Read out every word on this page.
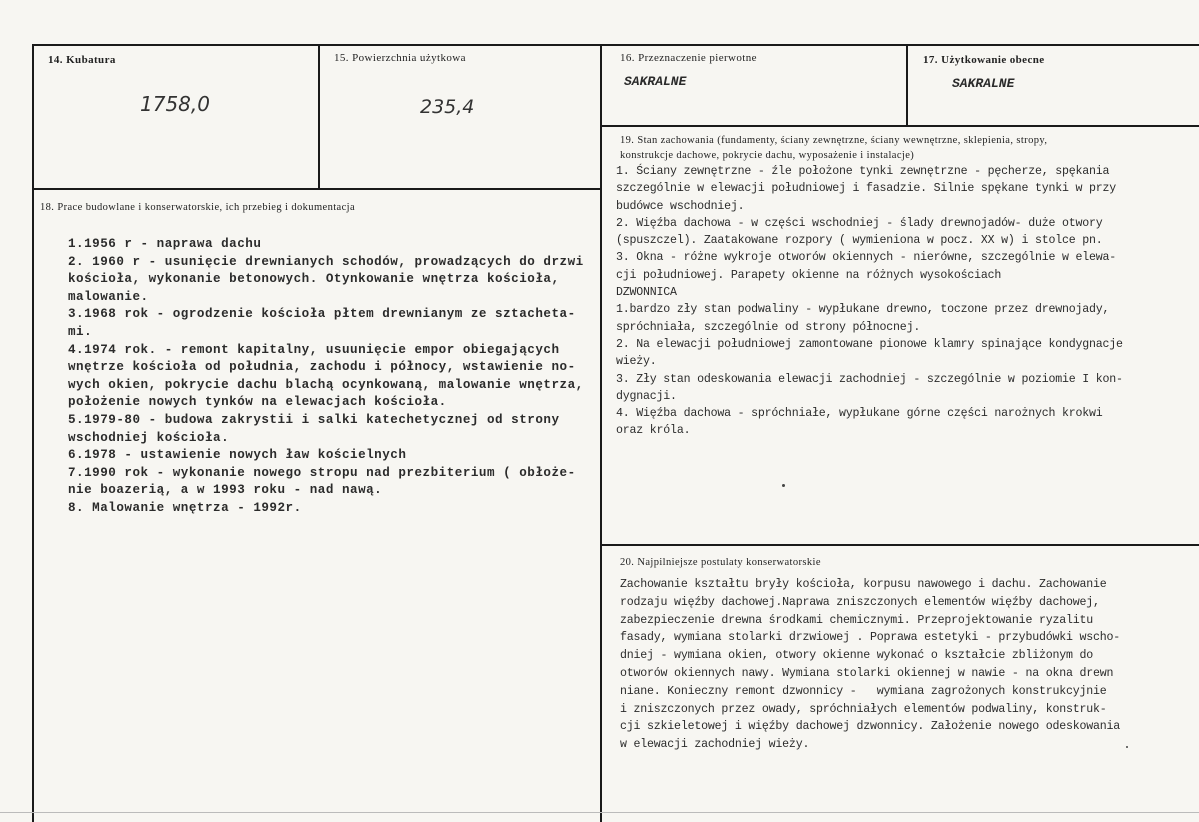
14. Kubatura
1758,0
15. Powierzchnia użytkowa
235,4
16. Przeznaczenie pierwotne
SAKRALNE
17. Użytkowanie obecne
SAKRALNE
19. Stan zachowania (fundamenty, ściany zewnętrzne, ściany wewnętrzne, sklepienia, stropy,
konstrukcje dachowe, pokrycie dachu, wyposażenie i instalacje)
1. Ściany zewnętrzne - źle położone tynki zewnętrzne - pęcherze, spękania
szczególnie w elewacji południowej i fasadzie. Silnie spękane tynki w przy
budówce wschodniej.
2. Więźba dachowa - w części wschodniej - ślady drewnojadów- duże otwory
(spuszczel). Zaatakowane rozpory ( wymieniona w pocz. XX w) i stolce pn.
3. Okna - różne wykroje otworów okiennych - nierówne, szczególnie w elewa-
cji południowej. Parapety okienne na różnych wysokościach
DZWONNICA
1.bardzo zły stan podwaliny - wypłukane drewno, toczone przez drewnojady,
spróchniała, szczególnie od strony północnej.
2. Na elewacji południowej zamontowane pionowe klamry spinające kondygnacje
wieży.
3. Zły stan odeskowania elewacji zachodniej - szczególnie w poziomie I kon-
dygnacji.
4. Więźba dachowa - spróchniałe, wypłukane górne części narożnych krokwi
oraz króla.
18. Prace budowlane i konserwatorskie, ich przebieg i dokumentacja
1.1956 r - naprawa dachu
2. 1960 r - usunięcie drewnianych schodów, prowadzących do drzwi
kościoła, wykonanie betonowych. Otynkowanie wnętrza kościoła,
malowanie.
3.1968 rok - ogrodzenie kościoła płtem drewnianym ze sztacheta-
mi.
4.1974 rok. - remont kapitalny, usuunięcie empor obiegających
wnętrze kościoła od południa, zachodu i północy, wstawienie no-
wych okien, pokrycie dachu blachą ocynkowaną, malowanie wnętrza,
położenie nowych tynków na elewacjach kościoła.
5.1979-80 - budowa zakrystii i salki katechetycznej od strony
wschodniej kościoła.
6.1978 - ustawienie nowych ław kościelnych
7.1990 rok - wykonanie nowego stropu nad prezbiterium ( obłoże-
nie boazerią, a w 1993 roku - nad nawą.
8. Malowanie wnętrza - 1992r.
20. Najpilniejsze postulaty konserwatorskie
Zachowanie kształtu bryły kościoła, korpusu nawowego i dachu. Zachowanie
rodzaju więźby dachowej.Naprawa zniszczonych elementów więźby dachowej,
zabezpieczenie drewna środkami chemicznymi. Przeprojektowanie ryzalitu
fasady, wymiana stolarki drzwiowej . Poprawa estetyki - przybudówki wscho-
dniej - wymiana okien, otwory okienne wykonać o kształcie zbliżonym do
otworów okiennych nawy. Wymiana stolarki okiennej w nawie - na okna drewn
niane. Konieczny remont dzwonnicy -   wymiana zagrożonych konstrukcyjnie
i zniszczonych przez owady, spróchniałych elementów podwaliny, konstruk-
cji szkieletowej i więźby dachowej dzwonnicy. Założenie nowego odeskowania
w elewacji zachodniej wieży.
